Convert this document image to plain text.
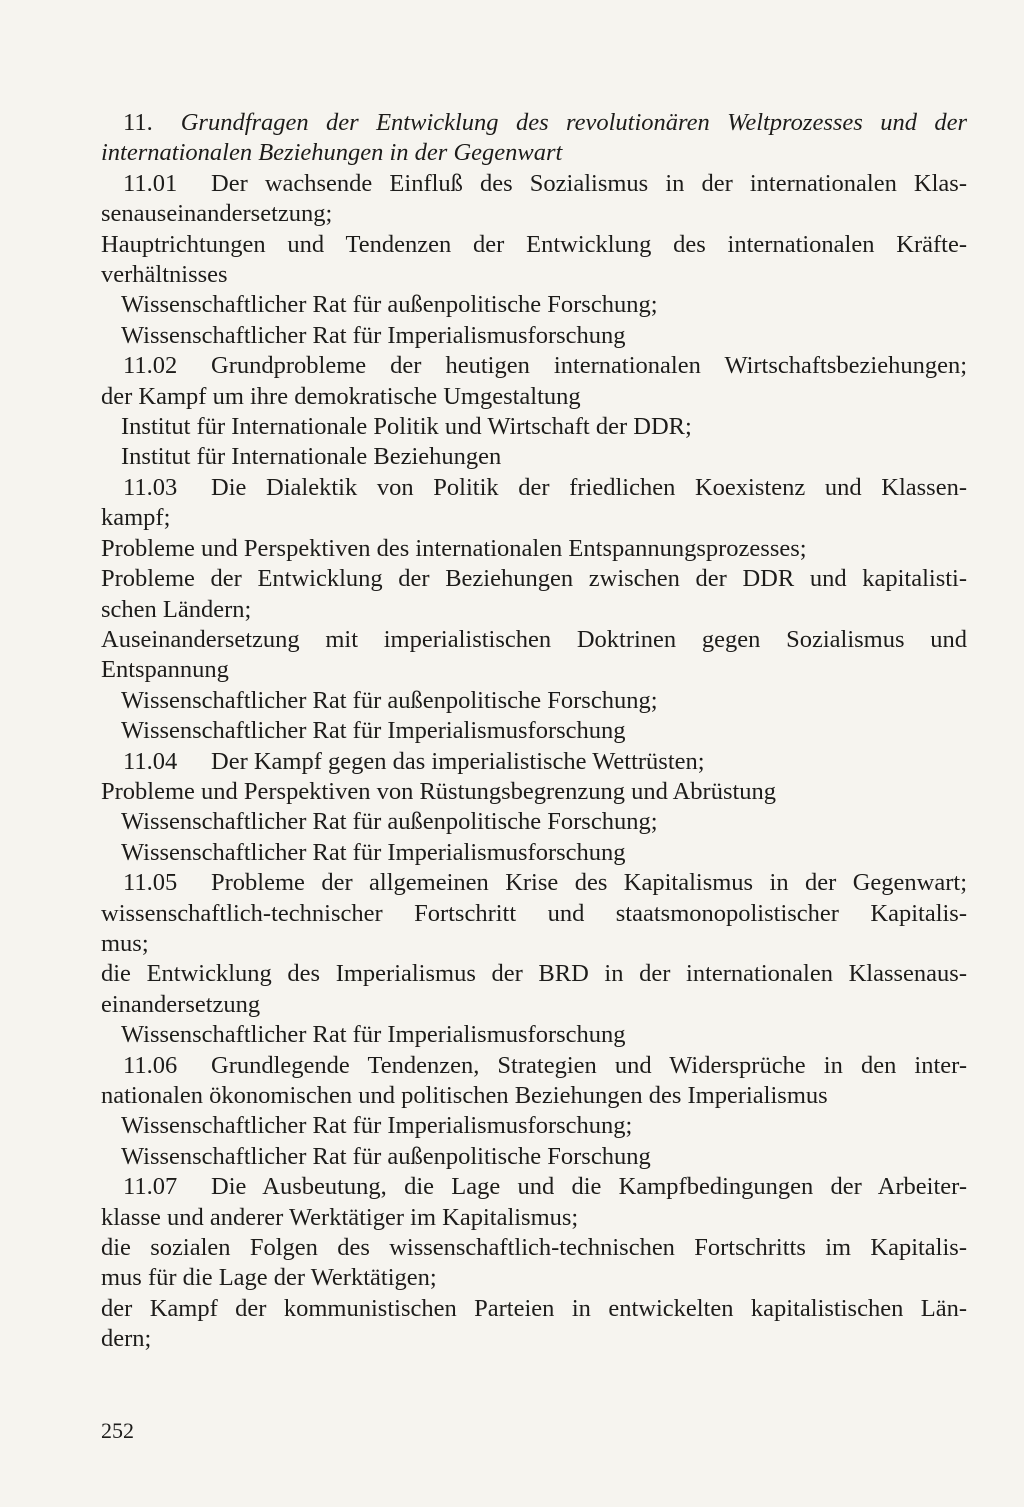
11. Grundfragen der Entwicklung des revolutionären Weltprozesses und der
internationalen Beziehungen in der Gegenwart
11.01 Der wachsende Einfluß des Sozialismus in der internationalen Klas-
senauseinandersetzung;
Hauptrichtungen und Tendenzen der Entwicklung des internationalen Kräfte-
verhältnisses
Wissenschaftlicher Rat für außenpolitische Forschung;
Wissenschaftlicher Rat für Imperialismusforschung
11.02 Grundprobleme der heutigen internationalen Wirtschaftsbeziehungen;
der Kampf um ihre demokratische Umgestaltung
Institut für Internationale Politik und Wirtschaft der DDR;
Institut für Internationale Beziehungen
11.03 Die Dialektik von Politik der friedlichen Koexistenz und Klassen-
kampf;
Probleme und Perspektiven des internationalen Entspannungsprozesses;
Probleme der Entwicklung der Beziehungen zwischen der DDR und kapitalisti-
schen Ländern;
Auseinandersetzung mit imperialistischen Doktrinen gegen Sozialismus und
Entspannung
Wissenschaftlicher Rat für außenpolitische Forschung;
Wissenschaftlicher Rat für Imperialismusforschung
11.04 Der Kampf gegen das imperialistische Wettrüsten;
Probleme und Perspektiven von Rüstungsbegrenzung und Abrüstung
Wissenschaftlicher Rat für außenpolitische Forschung;
Wissenschaftlicher Rat für Imperialismusforschung
11.05 Probleme der allgemeinen Krise des Kapitalismus in der Gegenwart;
wissenschaftlich-technischer Fortschritt und staatsmonopolistischer Kapitalis-
mus;
die Entwicklung des Imperialismus der BRD in der internationalen Klassenaus-
einandersetzung
Wissenschaftlicher Rat für Imperialismusforschung
11.06 Grundlegende Tendenzen, Strategien und Widersprüche in den inter-
nationalen ökonomischen und politischen Beziehungen des Imperialismus
Wissenschaftlicher Rat für Imperialismusforschung;
Wissenschaftlicher Rat für außenpolitische Forschung
11.07 Die Ausbeutung, die Lage und die Kampfbedingungen der Arbeiter-
klasse und anderer Werktätiger im Kapitalismus;
die sozialen Folgen des wissenschaftlich-technischen Fortschritts im Kapitalis-
mus für die Lage der Werktätigen;
der Kampf der kommunistischen Parteien in entwickelten kapitalistischen Län-
dern;
252
